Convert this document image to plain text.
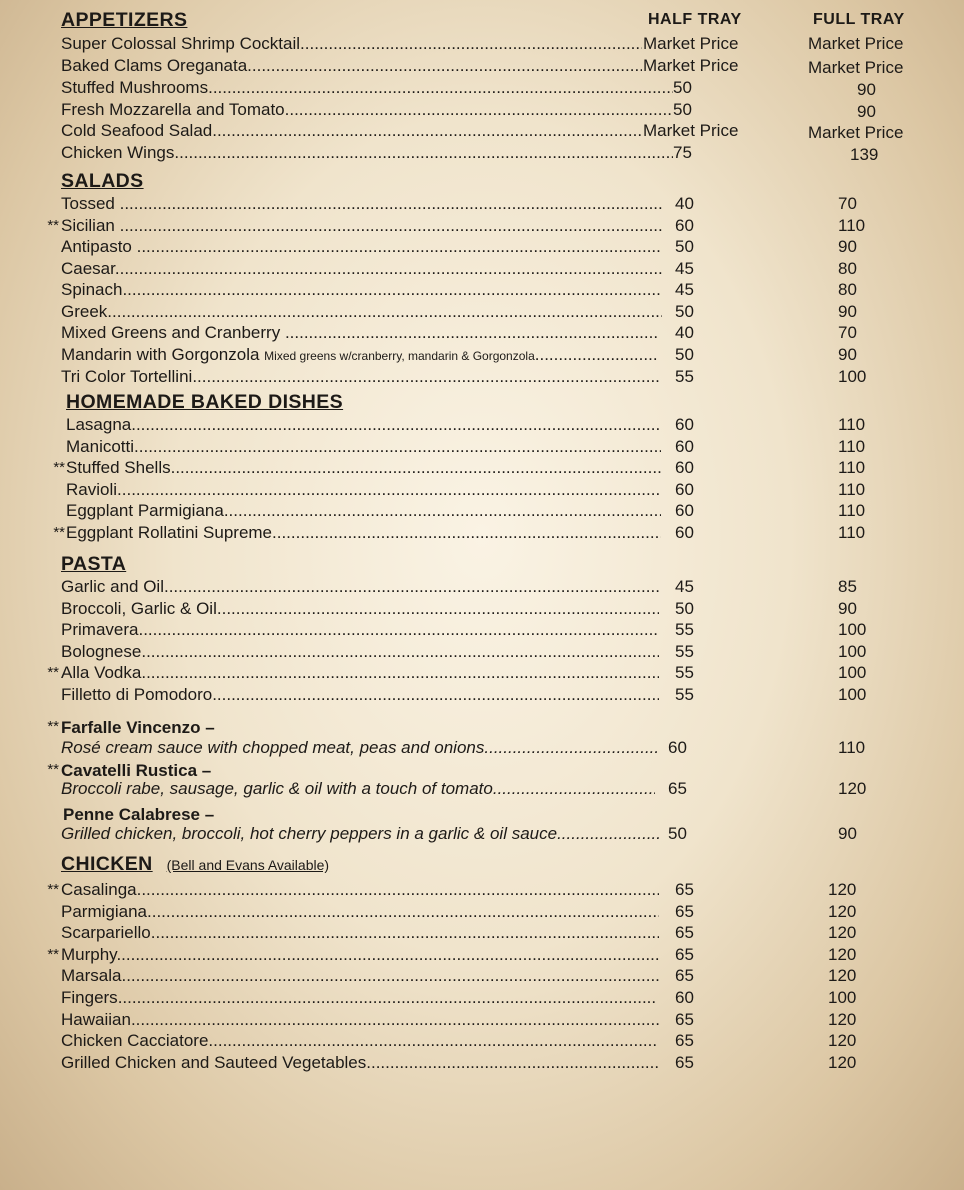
HALF TRAY	FULL TRAY
APPETIZERS
Super Colossal Shrimp Cocktail .....	Market Price	Market Price
Baked Clams Oreganata .....	Market Price	Market Price
Stuffed Mushrooms .....	50	90
Fresh Mozzarella and Tomato .....	50	90
Cold Seafood Salad .....	Market Price	Market Price
Chicken Wings .....	75	139
SALADS
Tossed .....	40	70
** Sicilian .....	60	110
Antipasto .....	50	90
Caesar .....	45	80
Spinach .....	45	80
Greek .....	50	90
Mixed Greens and Cranberry .....	40	70
Mandarin with Gorgonzola Mixed greens w/cranberry, mandarin & Gorgonzola .....	50	90
Tri Color Tortellini .....	55	100
HOMEMADE BAKED DISHES
Lasagna .....	60	110
Manicotti .....	60	110
** Stuffed Shells .....	60	110
Ravioli .....	60	110
Eggplant Parmigiana .....	60	110
** Eggplant Rollatini Supreme .....	60	110
PASTA
Garlic and Oil .....	45	85
Broccoli, Garlic & Oil .....	50	90
Primavera .....	55	100
Bolognese .....	55	100
** Alla Vodka .....	55	100
Filletto di Pomodoro .....	55	100
** Farfalle Vincenzo –
Rosé cream sauce with chopped meat, peas and onions .....	60	110
** Cavatelli Rustica –
Broccoli rabe, sausage, garlic & oil with a touch of tomato .....	65	120
Penne Calabrese –
Grilled chicken, broccoli, hot cherry peppers in a garlic & oil sauce .....	50	90
CHICKEN (Bell and Evans Available)
** Casalinga .....	65	120
Parmigiana .....	65	120
Scarpariello .....	65	120
** Murphy .....	65	120
Marsala .....	65	120
Fingers .....	60	100
Hawaiian .....	65	120
Chicken Cacciatore .....	65	120
Grilled Chicken and Sauteed Vegetables .....	65	120
